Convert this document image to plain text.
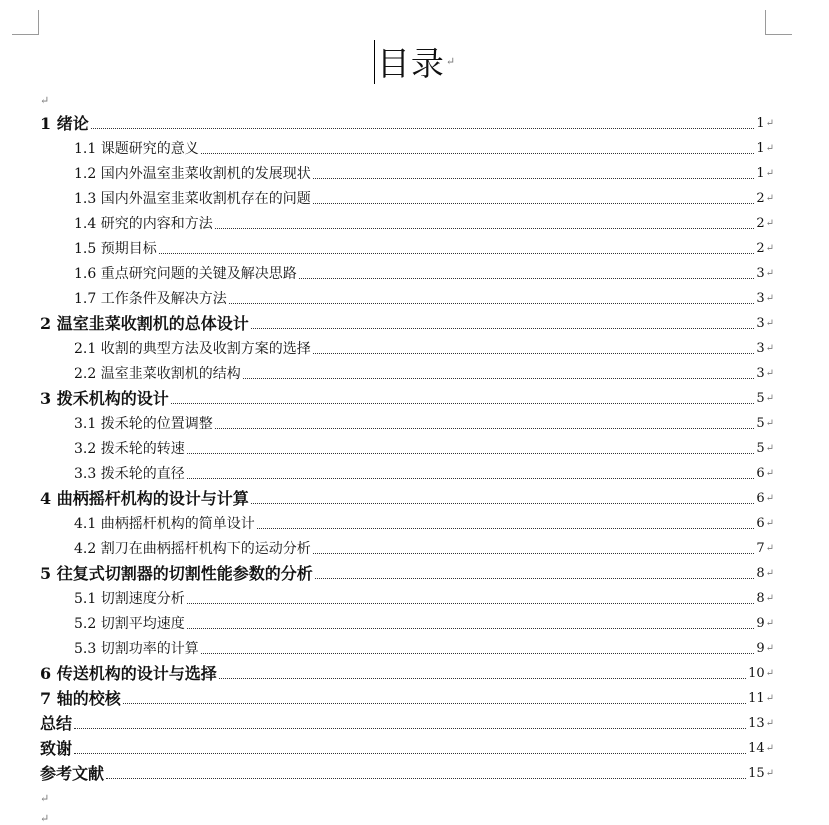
目录↵
↵
1 绪论	1 ↵
1.1 课题研究的意义	1 ↵
1.2 国内外温室韭菜收割机的发展现状	1 ↵
1.3 国内外温室韭菜收割机存在的问题	2 ↵
1.4 研究的内容和方法	2 ↵
1.5 预期目标	2 ↵
1.6 重点研究问题的关键及解决思路	3 ↵
1.7 工作条件及解决方法	3 ↵
2 温室韭菜收割机的总体设计	3 ↵
2.1 收割的典型方法及收割方案的选择	3 ↵
2.2 温室韭菜收割机的结构	3 ↵
3 拨禾机构的设计	5 ↵
3.1 拨禾轮的位置调整	5 ↵
3.2 拨禾轮的转速	5 ↵
3.3 拨禾轮的直径	6 ↵
4 曲柄摇杆机构的设计与计算	6 ↵
4.1 曲柄摇杆机构的简单设计	6 ↵
4.2 割刀在曲柄摇杆机构下的运动分析	7 ↵
5 往复式切割器的切割性能参数的分析	8 ↵
5.1 切割速度分析	8 ↵
5.2 切割平均速度	9 ↵
5.3 切割功率的计算	9 ↵
6 传送机构的设计与选择	10 ↵
7 轴的校核	11 ↵
总结	13 ↵
致谢	14 ↵
参考文献	15 ↵
↵
↵
